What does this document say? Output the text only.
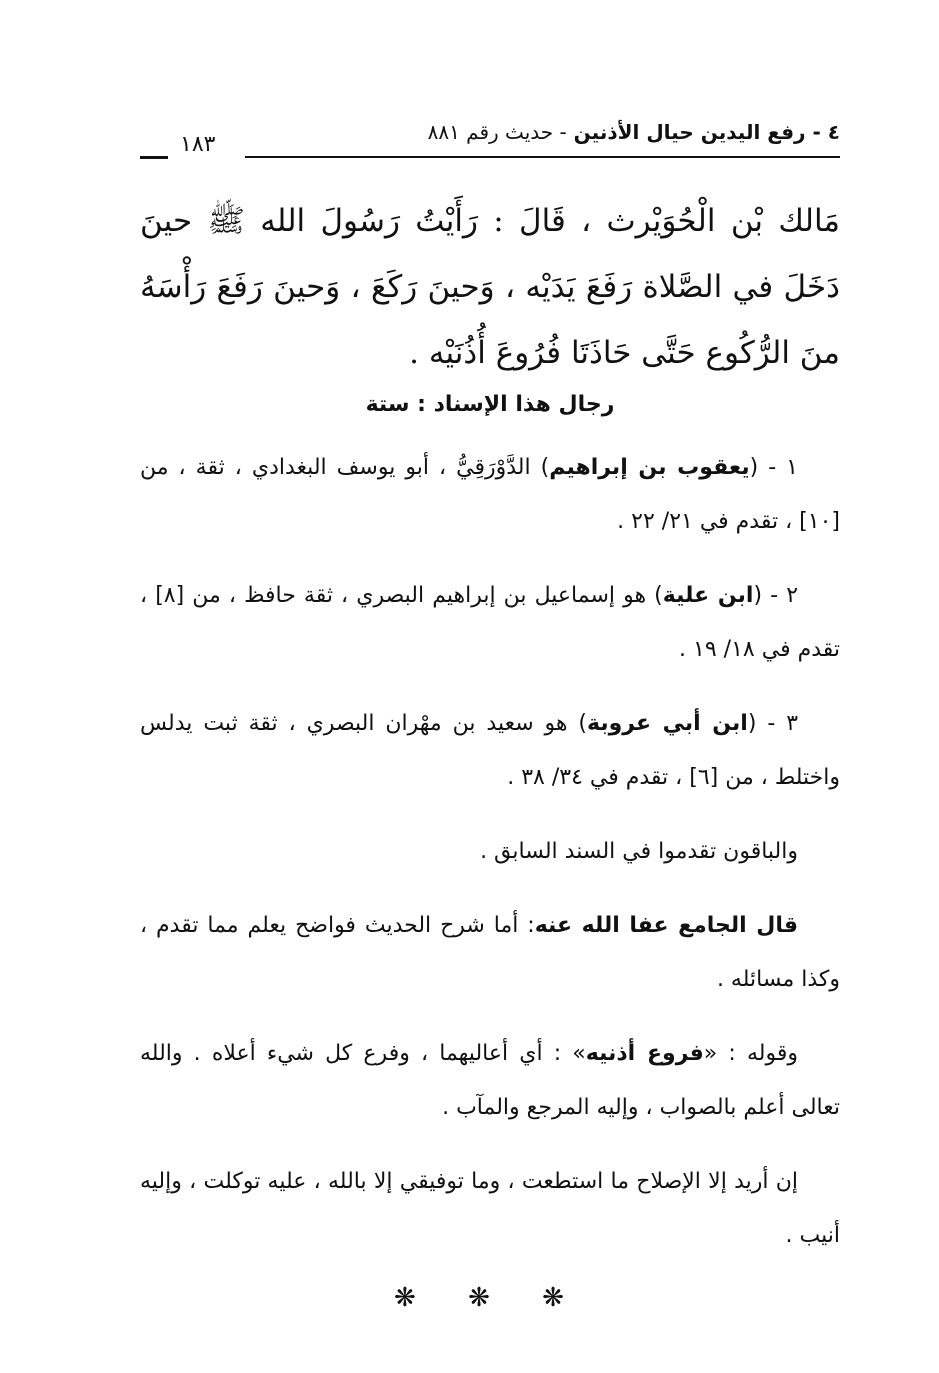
٤ - رفع اليدين حيال الأذنين - حديث رقم ٨٨١
١٨٣

مَالك بْن الْحُوَيْرث ، قَالَ : رَأَيْتُ رَسُولَ الله ﷺ حينَ دَخَلَ في الصَّلاة رَفَعَ يَدَيْه ، وَحينَ رَكَعَ ، وَحينَ رَفَعَ رَأْسَهُ منَ الرُّكُوع حَتَّى حَاذَتَا فُرُوعَ أُذُنَيْه .

رجال هذا الإسناد : ستة

١ - (يعقوب بن إبراهيم) الدَّوْرَقِيُّ ، أبو يوسف البغدادي ، ثقة ، من [١٠] ، تقدم في ٢١/ ٢٢ .

٢ - (ابن علية) هو إسماعيل بن إبراهيم البصري ، ثقة حافظ ، من [٨] ، تقدم في ١٨/ ١٩ .

٣ - (ابن أبي عروبة) هو سعيد بن مهْران البصري ، ثقة ثبت يدلس واختلط ، من [٦] ، تقدم في ٣٤/ ٣٨ .

والباقون تقدموا في السند السابق .

قال الجامع عفا الله عنه: أما شرح الحديث فواضح يعلم مما تقدم ، وكذا مسائله .

وقوله : «فروع أذنيه» : أي أعاليهما ، وفرع كل شيء أعلاه . والله تعالى أعلم بالصواب ، وإليه المرجع والمآب .

إن أريد إلا الإصلاح ما استطعت ، وما توفيقي إلا بالله ، عليه توكلت ، وإليه أنيب .

❋ ❋ ❋
